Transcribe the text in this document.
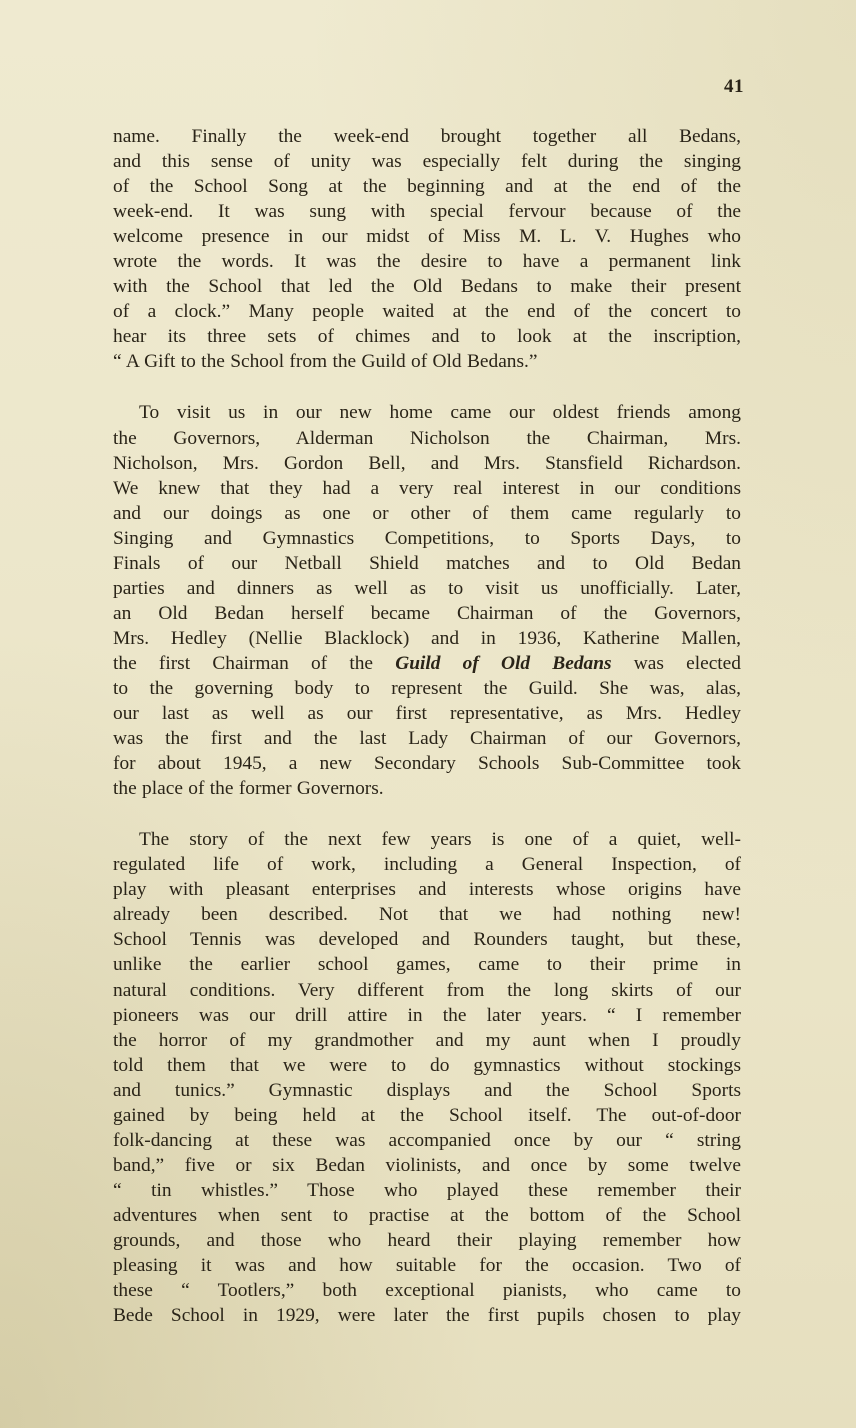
41

name. Finally the week-end brought together all Bedans,
and this sense of unity was especially felt during the singing
of the School Song at the beginning and at the end of the
week-end. It was sung with special fervour because of the
welcome presence in our midst of Miss M. L. V. Hughes who
wrote the words. It was the desire to have a permanent link
with the School that led the Old Bedans to make their present
of a clock.” Many people waited at the end of the concert to
hear its three sets of chimes and to look at the inscription,
“ A Gift to the School from the Guild of Old Bedans.”

To visit us in our new home came our oldest friends among
the Governors, Alderman Nicholson the Chairman, Mrs.
Nicholson, Mrs. Gordon Bell, and Mrs. Stansfield Richardson.
We knew that they had a very real interest in our conditions
and our doings as one or other of them came regularly to
Singing and Gymnastics Competitions, to Sports Days, to
Finals of our Netball Shield matches and to Old Bedan
parties and dinners as well as to visit us unofficially. Later,
an Old Bedan herself became Chairman of the Governors,
Mrs. Hedley (Nellie Blacklock) and in 1936, Katherine Mallen,
the first Chairman of the Guild of Old Bedans was elected
to the governing body to represent the Guild. She was, alas,
our last as well as our first representative, as Mrs. Hedley
was the first and the last Lady Chairman of our Governors,
for about 1945, a new Secondary Schools Sub-Committee took
the place of the former Governors.

The story of the next few years is one of a quiet, well-
regulated life of work, including a General Inspection, of
play with pleasant enterprises and interests whose origins have
already been described. Not that we had nothing new!
School Tennis was developed and Rounders taught, but these,
unlike the earlier school games, came to their prime in
natural conditions. Very different from the long skirts of our
pioneers was our drill attire in the later years. “ I remember
the horror of my grandmother and my aunt when I proudly
told them that we were to do gymnastics without stockings
and tunics.” Gymnastic displays and the School Sports
gained by being held at the School itself. The out-of-door
folk-dancing at these was accompanied once by our “ string
band,” five or six Bedan violinists, and once by some twelve
“ tin whistles.” Those who played these remember their
adventures when sent to practise at the bottom of the School
grounds, and those who heard their playing remember how
pleasing it was and how suitable for the occasion. Two of
these “ Tootlers,” both exceptional pianists, who came to
Bede School in 1929, were later the first pupils chosen to play
